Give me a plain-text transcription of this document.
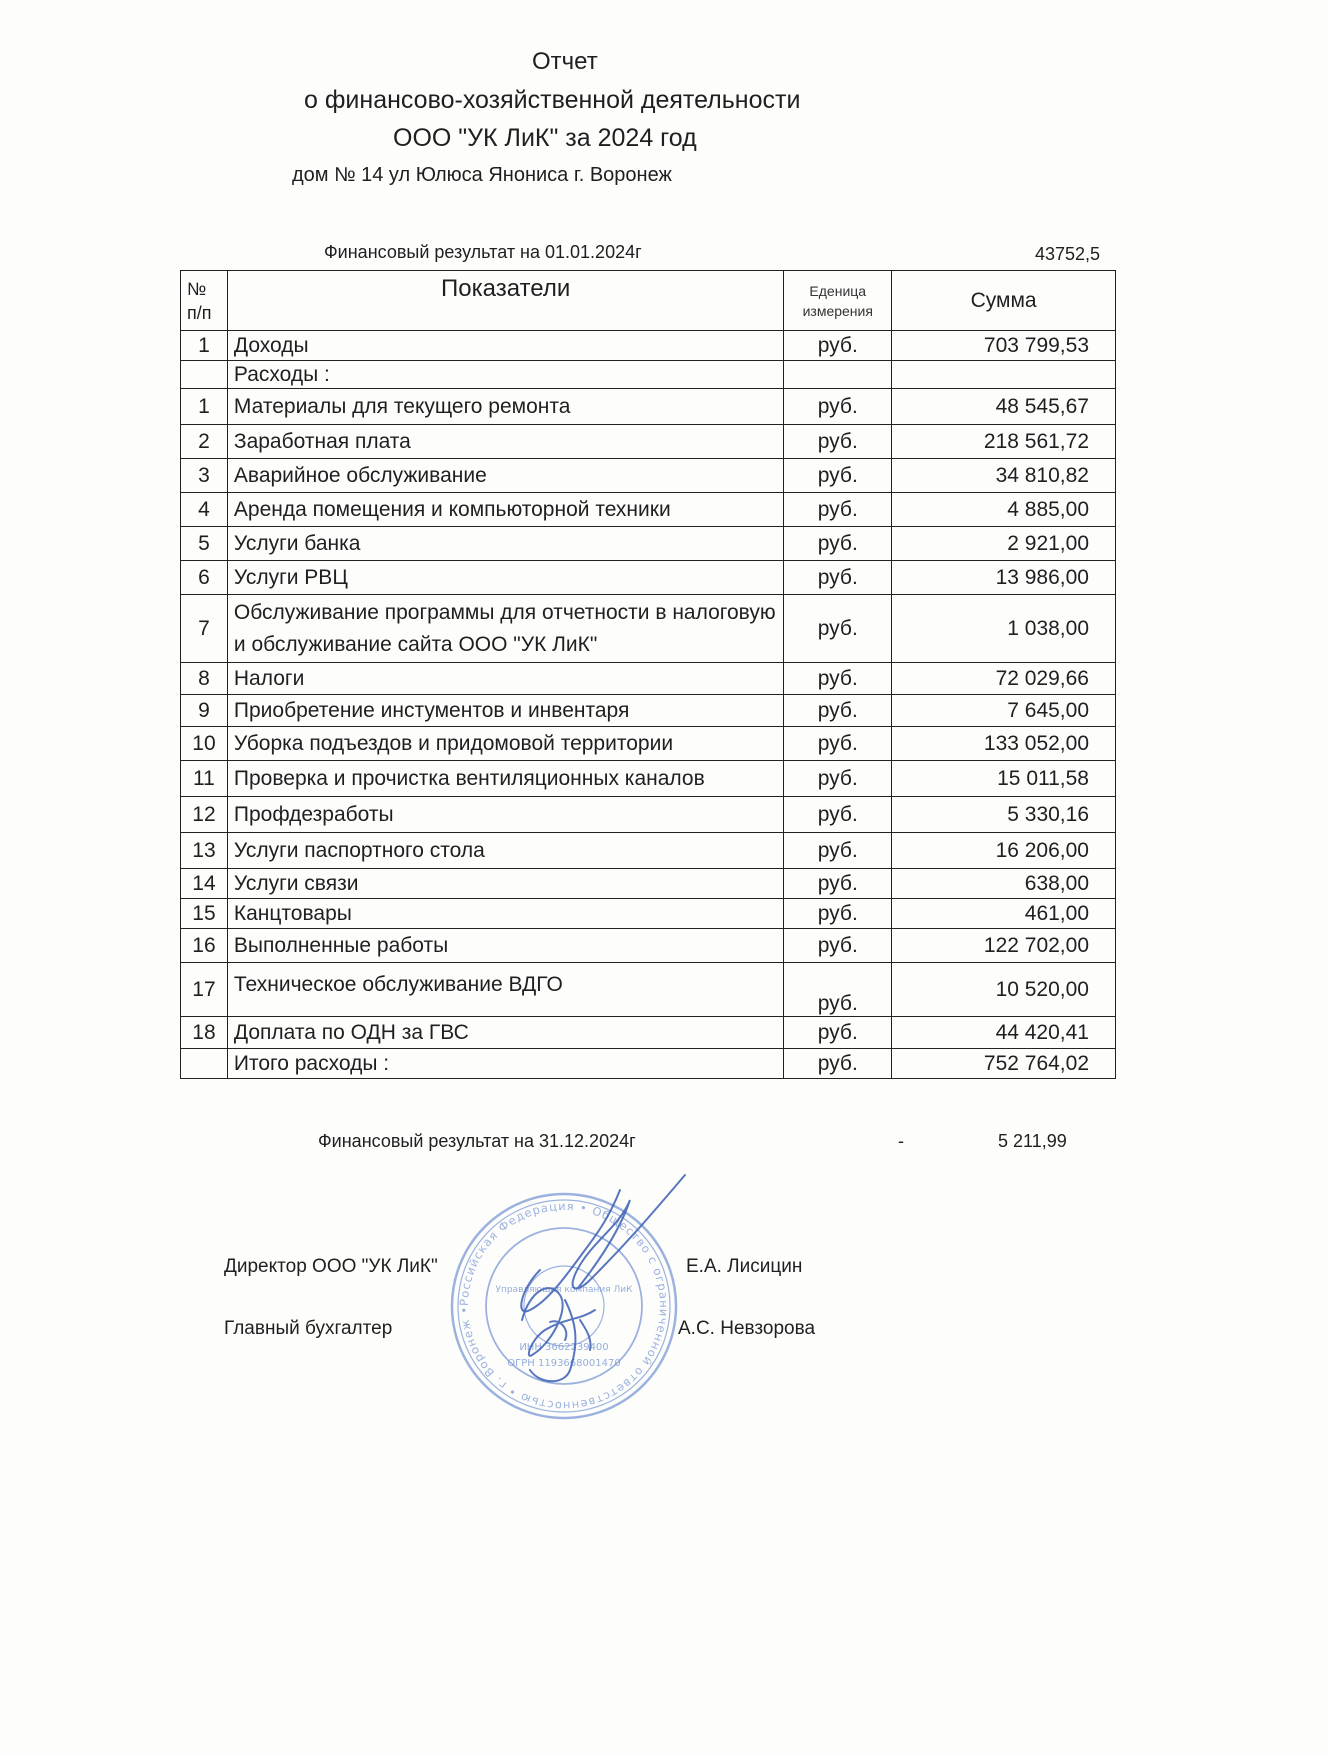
Отчет
о финансово-хозяйственной деятельности
ООО "УК ЛиК" за 2024 год
дом № 14 ул Юлюса Янониса г. Воронеж
Финансовый результат на 01.01.2024г	43752,5
№ п/п	Показатели	Еденица измерения	Сумма
1	Доходы	руб.	703 799,53
	Расходы :		
1	Материалы для текущего ремонта	руб.	48 545,67
2	Заработная плата	руб.	218 561,72
3	Аварийное обслуживание	руб.	34 810,82
4	Аренда помещения и компьюторной техники	руб.	4 885,00
5	Услуги банка	руб.	2 921,00
6	Услуги РВЦ	руб.	13 986,00
7	Обслуживание программы для отчетности в налоговую и обслуживание сайта ООО "УК ЛиК"	руб.	1 038,00
8	Налоги	руб.	72 029,66
9	Приобретение инстументов и инвентаря	руб.	7 645,00
10	Уборка подъездов и придомовой территории	руб.	133 052,00
11	Проверка и прочистка вентиляционных каналов	руб.	15 011,58
12	Профдезработы	руб.	5 330,16
13	Услуги паспортного стола	руб.	16 206,00
14	Услуги связи	руб.	638,00
15	Канцтовары	руб.	461,00
16	Выполненные работы	руб.	122 702,00
17	Техническое обслуживание ВДГО	руб.	10 520,00
18	Доплата по ОДН за ГВС	руб.	44 420,41
	Итого расходы :	руб.	752 764,02
Финансовый результат на 31.12.2024г	-	5 211,99
Директор ООО "УК ЛиК"	Е.А. Лисицин
Главный бухгалтер	А.С. Невзорова
Российская Федерация • Общество с ограниченной ответственностью • г. Воронеж •
Управляющая компания ЛиК
ИНН 3662239400
ОГРН 1193668001470
